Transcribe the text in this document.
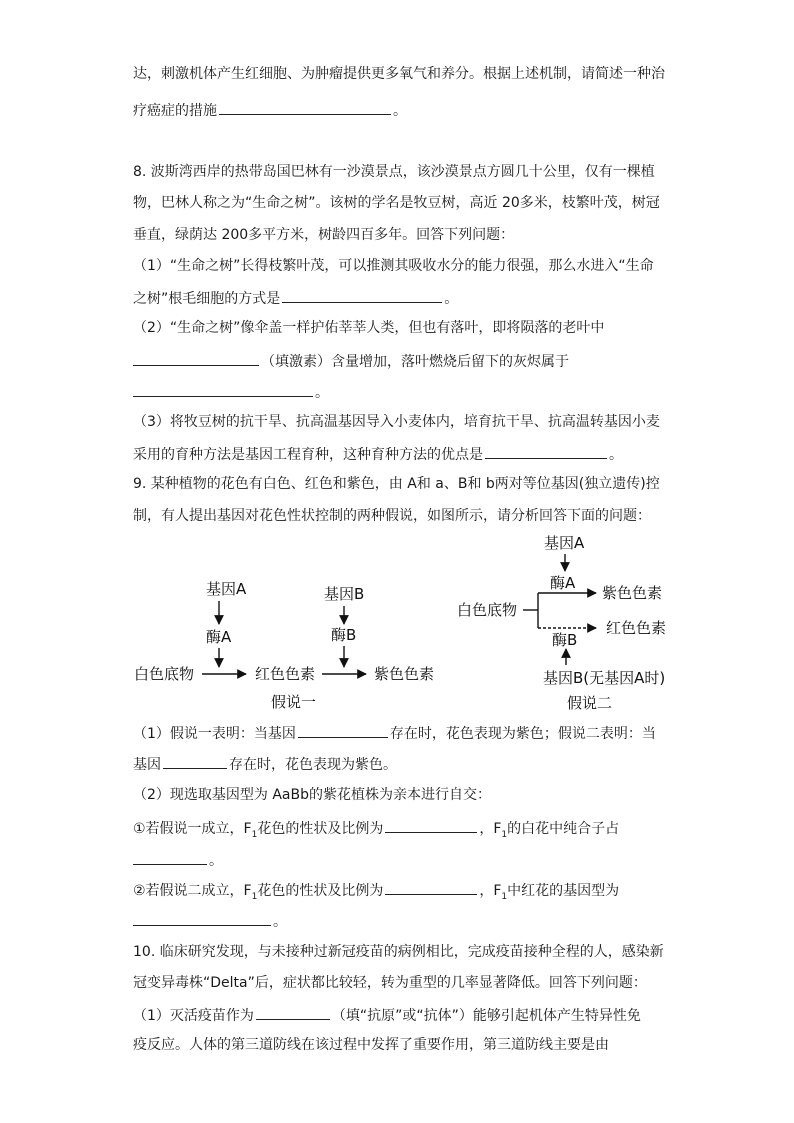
达，刺激机体产生红细胞、为肿瘤提供更多氧气和养分。根据上述机制，请简述一种治
疗癌症的措施	。
8. 波斯湾西岸的热带岛国巴林有一沙漠景点，该沙漠景点方圆几十公里，仅有一棵植
物，巴林人称之为“生命之树”。该树的学名是牧豆树，高近 20多米，枝繁叶茂，树冠
垂直，绿荫达 200多平方米，树龄四百多年。回答下列问题：
（1）“生命之树”长得枝繁叶茂，可以推测其吸收水分的能力很强，那么水进入“生命
之树”根毛细胞的方式是	。
（2）“生命之树”像伞盖一样护佑莘莘人类，但也有落叶，即将陨落的老叶中
（填激素）含量增加，落叶燃烧后留下的灰烬属于
。
（3）将牧豆树的抗干旱、抗高温基因导入小麦体内，培育抗干旱、抗高温转基因小麦
采用的育种方法是基因工程育种，这种育种方法的优点是	。
9. 某种植物的花色有白色、红色和紫色，由 A和 a、B和 b两对等位基因(独立遗传)控
制，有人提出基因对花色性状控制的两种假说，如图所示，请分析回答下面的问题：
基因A
酶A
基因B
酶B
白色底物	红色色素	紫色色素
假说一
基因A
酶A
白色底物
紫色色素
红色色素
酶B
基因B(无基因A时)
假说二
（1）假说一表明：当基因	存在时，花色表现为紫色；假说二表明：当
基因	存在时，花色表现为紫色。
（2）现选取基因型为 AaBb的紫花植株为亲本进行自交：
①若假说一成立，$F_1$花色的性状及比例为	，$F_1$的白花中纯合子占
。
②若假说二成立，$F_1$花色的性状及比例为	，$F_1$中红花的基因型为
。
10. 临床研究发现，与未接种过新冠疫苗的病例相比，完成疫苗接种全程的人，感染新
冠变异毒株“Delta”后，症状都比较轻，转为重型的几率显著降低。回答下列问题：
（1）灭活疫苗作为	（填“抗原”或“抗体”）能够引起机体产生特异性免
疫反应。人体的第三道防线在该过程中发挥了重要作用，第三道防线主要是由
